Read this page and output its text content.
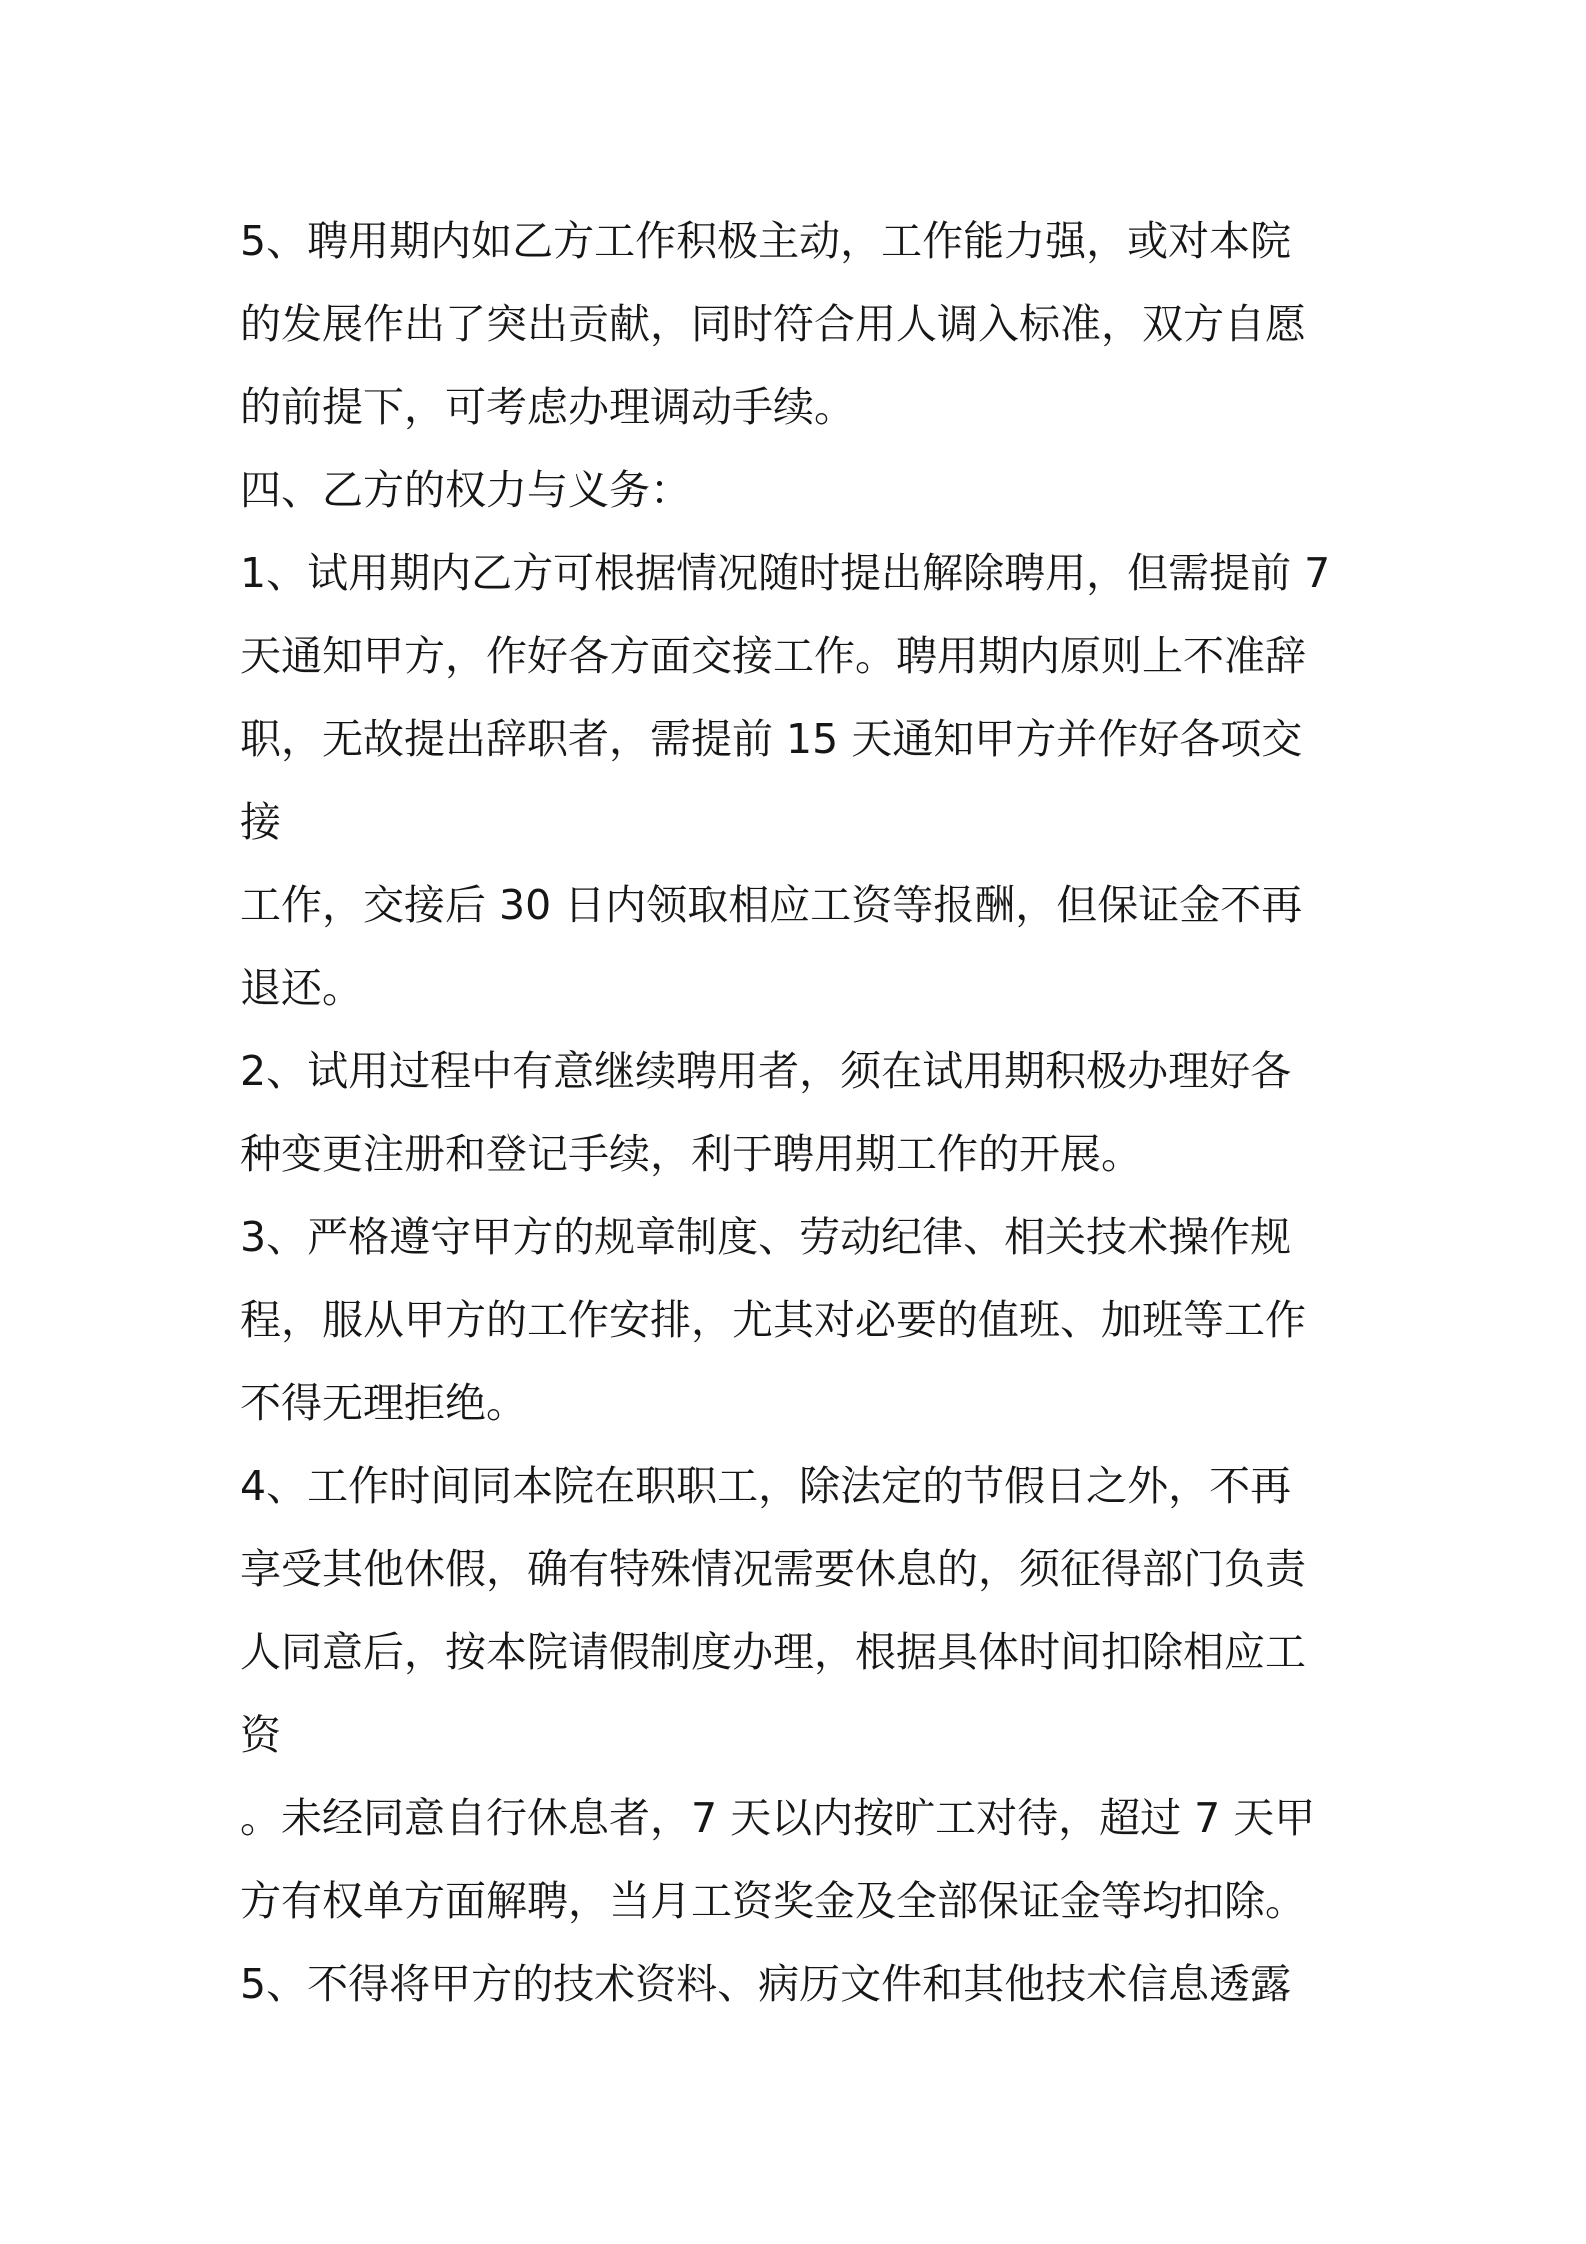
5、聘用期内如乙方工作积极主动，工作能力强，或对本院

的发展作出了突出贡献，同时符合用人调入标准，双方自愿

的前提下，可考虑办理调动手续。

四、乙方的权力与义务：

1、试用期内乙方可根据情况随时提出解除聘用，但需提前 7

天通知甲方，作好各方面交接工作。聘用期内原则上不准辞

职，无故提出辞职者，需提前 15 天通知甲方并作好各项交

接

工作，交接后 30 日内领取相应工资等报酬，但保证金不再

退还。

2、试用过程中有意继续聘用者，须在试用期积极办理好各

种变更注册和登记手续，利于聘用期工作的开展。

3、严格遵守甲方的规章制度、劳动纪律、相关技术操作规

程，服从甲方的工作安排，尤其对必要的值班、加班等工作

不得无理拒绝。

4、工作时间同本院在职职工，除法定的节假日之外，不再

享受其他休假，确有特殊情况需要休息的，须征得部门负责

人同意后，按本院请假制度办理，根据具体时间扣除相应工

资

。未经同意自行休息者，7 天以内按旷工对待，超过 7 天甲

方有权单方面解聘，当月工资奖金及全部保证金等均扣除。

5、不得将甲方的技术资料、病历文件和其他技术信息透露
